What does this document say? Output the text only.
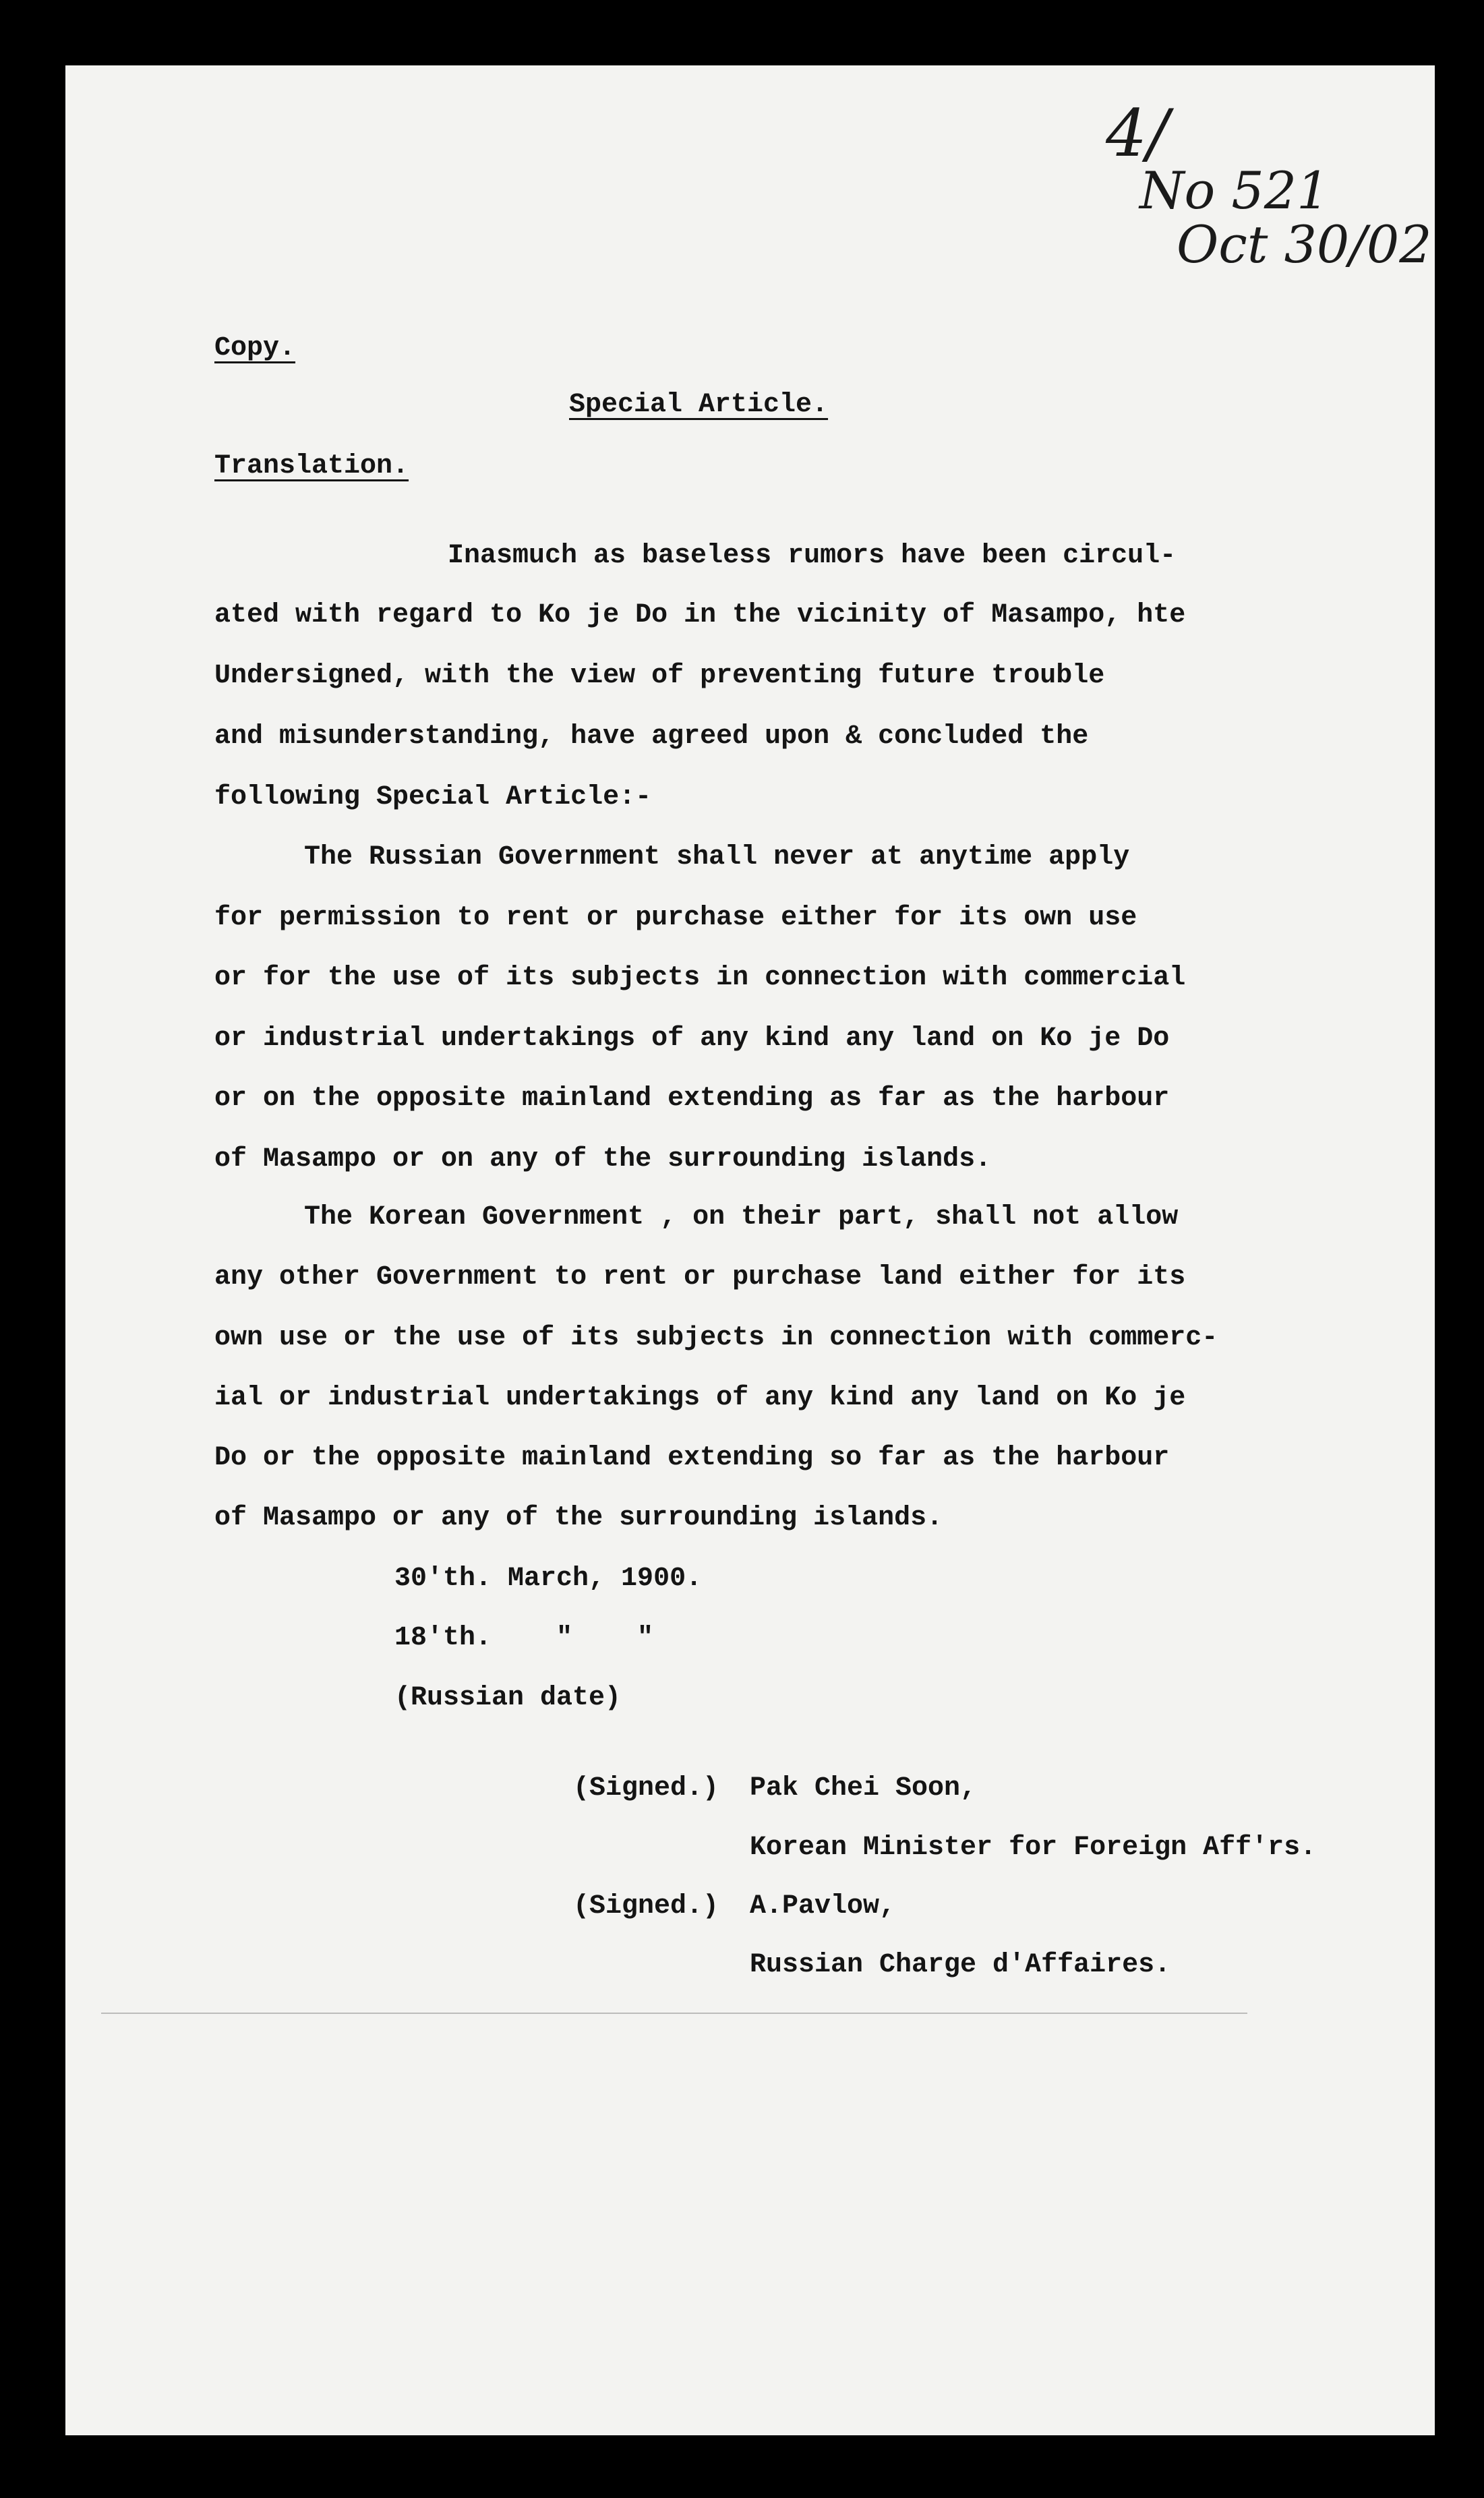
4/
No 521
Oct 30/02
Copy.
Special Article.
Translation.
Inasmuch as baseless rumors have been circul-
ated with regard to Ko je Do in the vicinity of Masampo, hte
Undersigned, with the view of preventing future trouble
and misunderstanding, have agreed upon & concluded the
following Special Article:-
The Russian Government shall never at anytime apply
for permission to rent or purchase either for its own use
or for the use of its subjects in connection with commercial
or industrial undertakings of any kind any land on Ko je Do
or on the opposite mainland extending as far as the harbour
of Masampo or on any of the surrounding islands.
The Korean Government , on their part, shall not allow
any other Government to rent or purchase land either for its
own use or the use of its subjects in connection with commerc-
ial or industrial undertakings of any kind any land on Ko je
Do or the opposite mainland extending so far as the harbour
of Masampo or any of the surrounding islands.
30'th. March, 1900.
18'th.    "    "
(Russian date)
(Signed.) Pak Chei Soon,
Korean Minister for Foreign Aff'rs.
(Signed.) A.Pavlow,
Russian Charge d'Affaires.
